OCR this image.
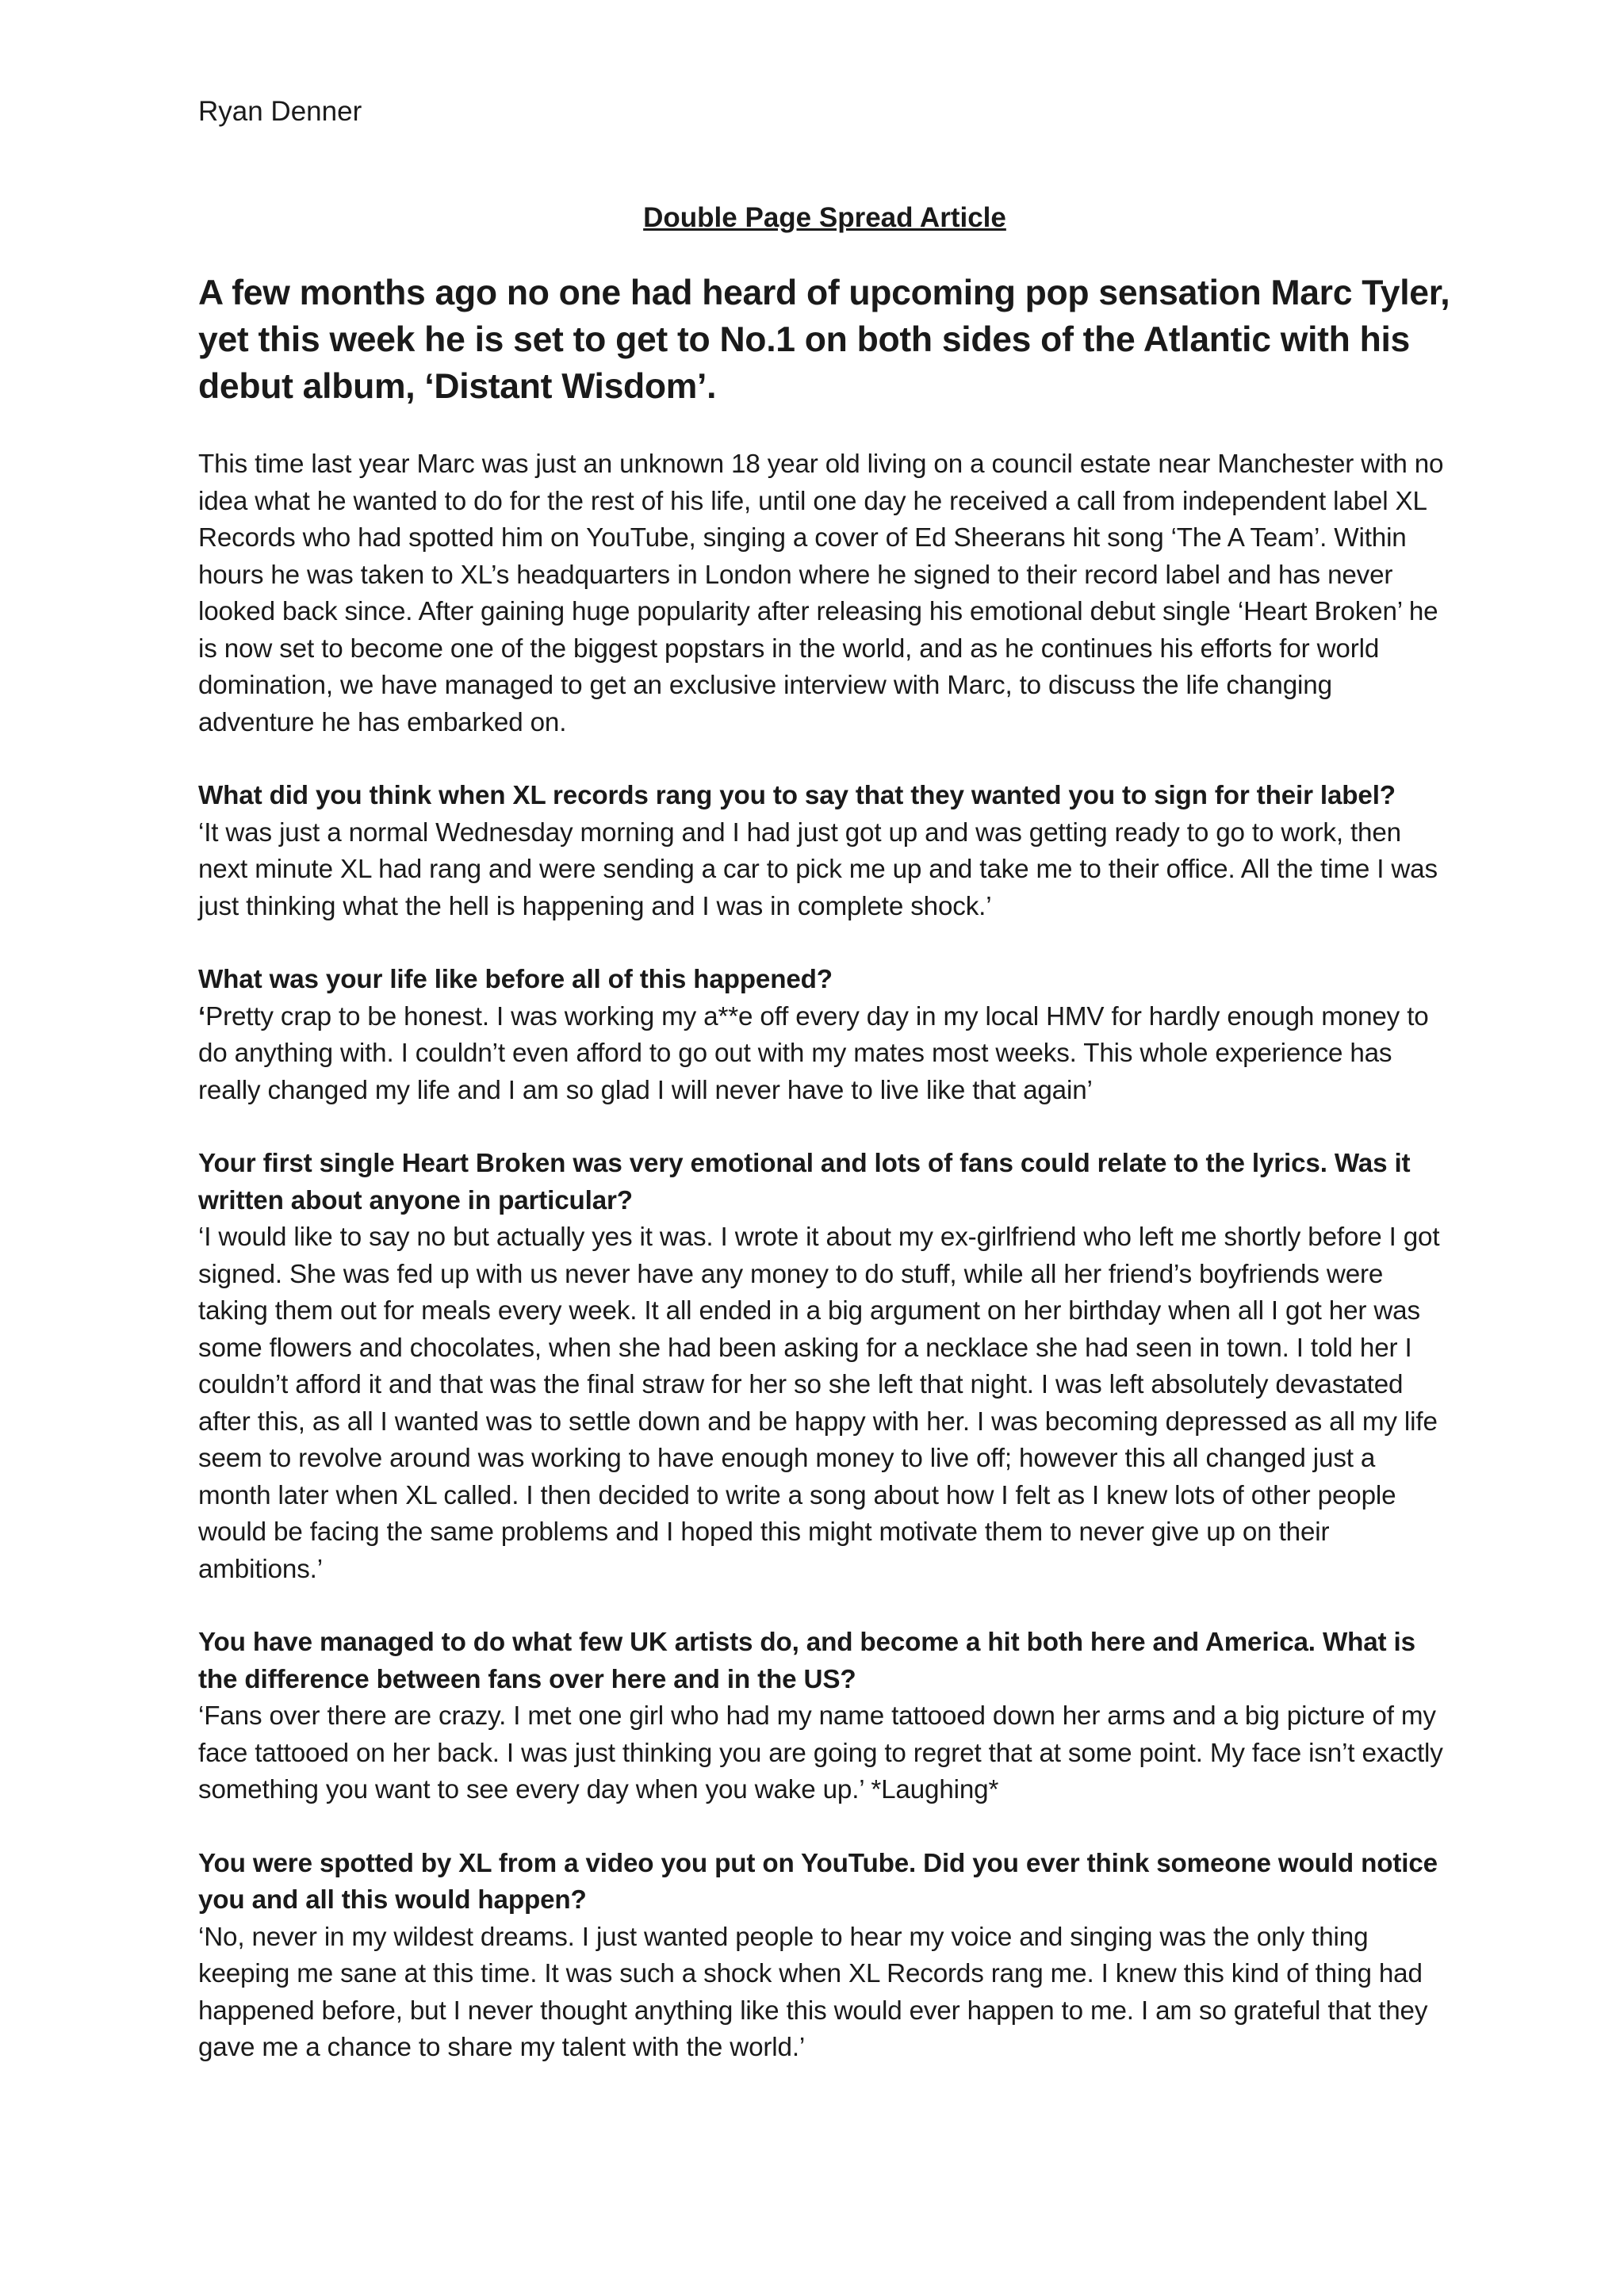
Ryan Denner

Double Page Spread Article

A few months ago no one had heard of upcoming pop sensation Marc Tyler, yet this week he is set to get to No.1 on both sides of the Atlantic with his debut album, ‘Distant Wisdom’.

This time last year Marc was just an unknown 18 year old living on a council estate near Manchester with no idea what he wanted to do for the rest of his life, until one day he received a call from independent label XL Records who had spotted him on YouTube, singing a cover of Ed Sheerans hit song ‘The A Team’. Within hours he was taken to XL’s headquarters in London where he signed to their record label and has never looked back since. After gaining huge popularity after releasing his emotional debut single ‘Heart Broken’ he is now set to become one of the biggest popstars in the world, and as he continues his efforts for world domination, we have managed to get an exclusive interview with Marc, to discuss the life changing adventure he has embarked on.

What did you think when XL records rang you to say that they wanted you to sign for their label?

‘It was just a normal Wednesday morning and I had just got up and was getting ready to go to work, then next minute XL had rang and were sending a car to pick me up and take me to their office. All the time I was just thinking what the hell is happening and I was in complete shock.’

What was your life like before all of this happened?

‘Pretty crap to be honest. I was working my a**e off every day in my local HMV for hardly enough money to do anything with. I couldn’t even afford to go out with my mates most weeks. This whole experience has really changed my life and I am so glad I will never have to live like that again’

Your first single Heart Broken was very emotional and lots of fans could relate to the lyrics. Was it written about anyone in particular?

‘I would like to say no but actually yes it was. I wrote it about my ex-girlfriend who left me shortly before I got signed. She was fed up with us never have any money to do stuff, while all her friend’s boyfriends were taking them out for meals every week. It all ended in a big argument on her birthday when all I got her was some flowers and chocolates, when she had been asking for a necklace she had seen in town. I told her I couldn’t afford it and that was the final straw for her so she left that night. I was left absolutely devastated after this, as all I wanted was to settle down and be happy with her. I was becoming depressed as all my life seem to revolve around was working to have enough money to live off; however this all changed just a month later when XL called. I then decided to write a song about how I felt as I knew lots of other people would be facing the same problems and I hoped this might motivate them to never give up on their ambitions.’

You have managed to do what few UK artists do, and become a hit both here and America. What is the difference between fans over here and in the US?

‘Fans over there are crazy. I met one girl who had my name tattooed down her arms and a big picture of my face tattooed on her back. I was just thinking you are going to regret that at some point. My face isn’t exactly something you want to see every day when you wake up.’ *Laughing*

You were spotted by XL from a video you put on YouTube. Did you ever think someone would notice you and all this would happen?

‘No, never in my wildest dreams. I just wanted people to hear my voice and singing was the only thing keeping me sane at this time. It was such a shock when XL Records rang me. I knew this kind of thing had happened before, but I never thought anything like this would ever happen to me. I am so grateful that they gave me a chance to share my talent with the world.’
